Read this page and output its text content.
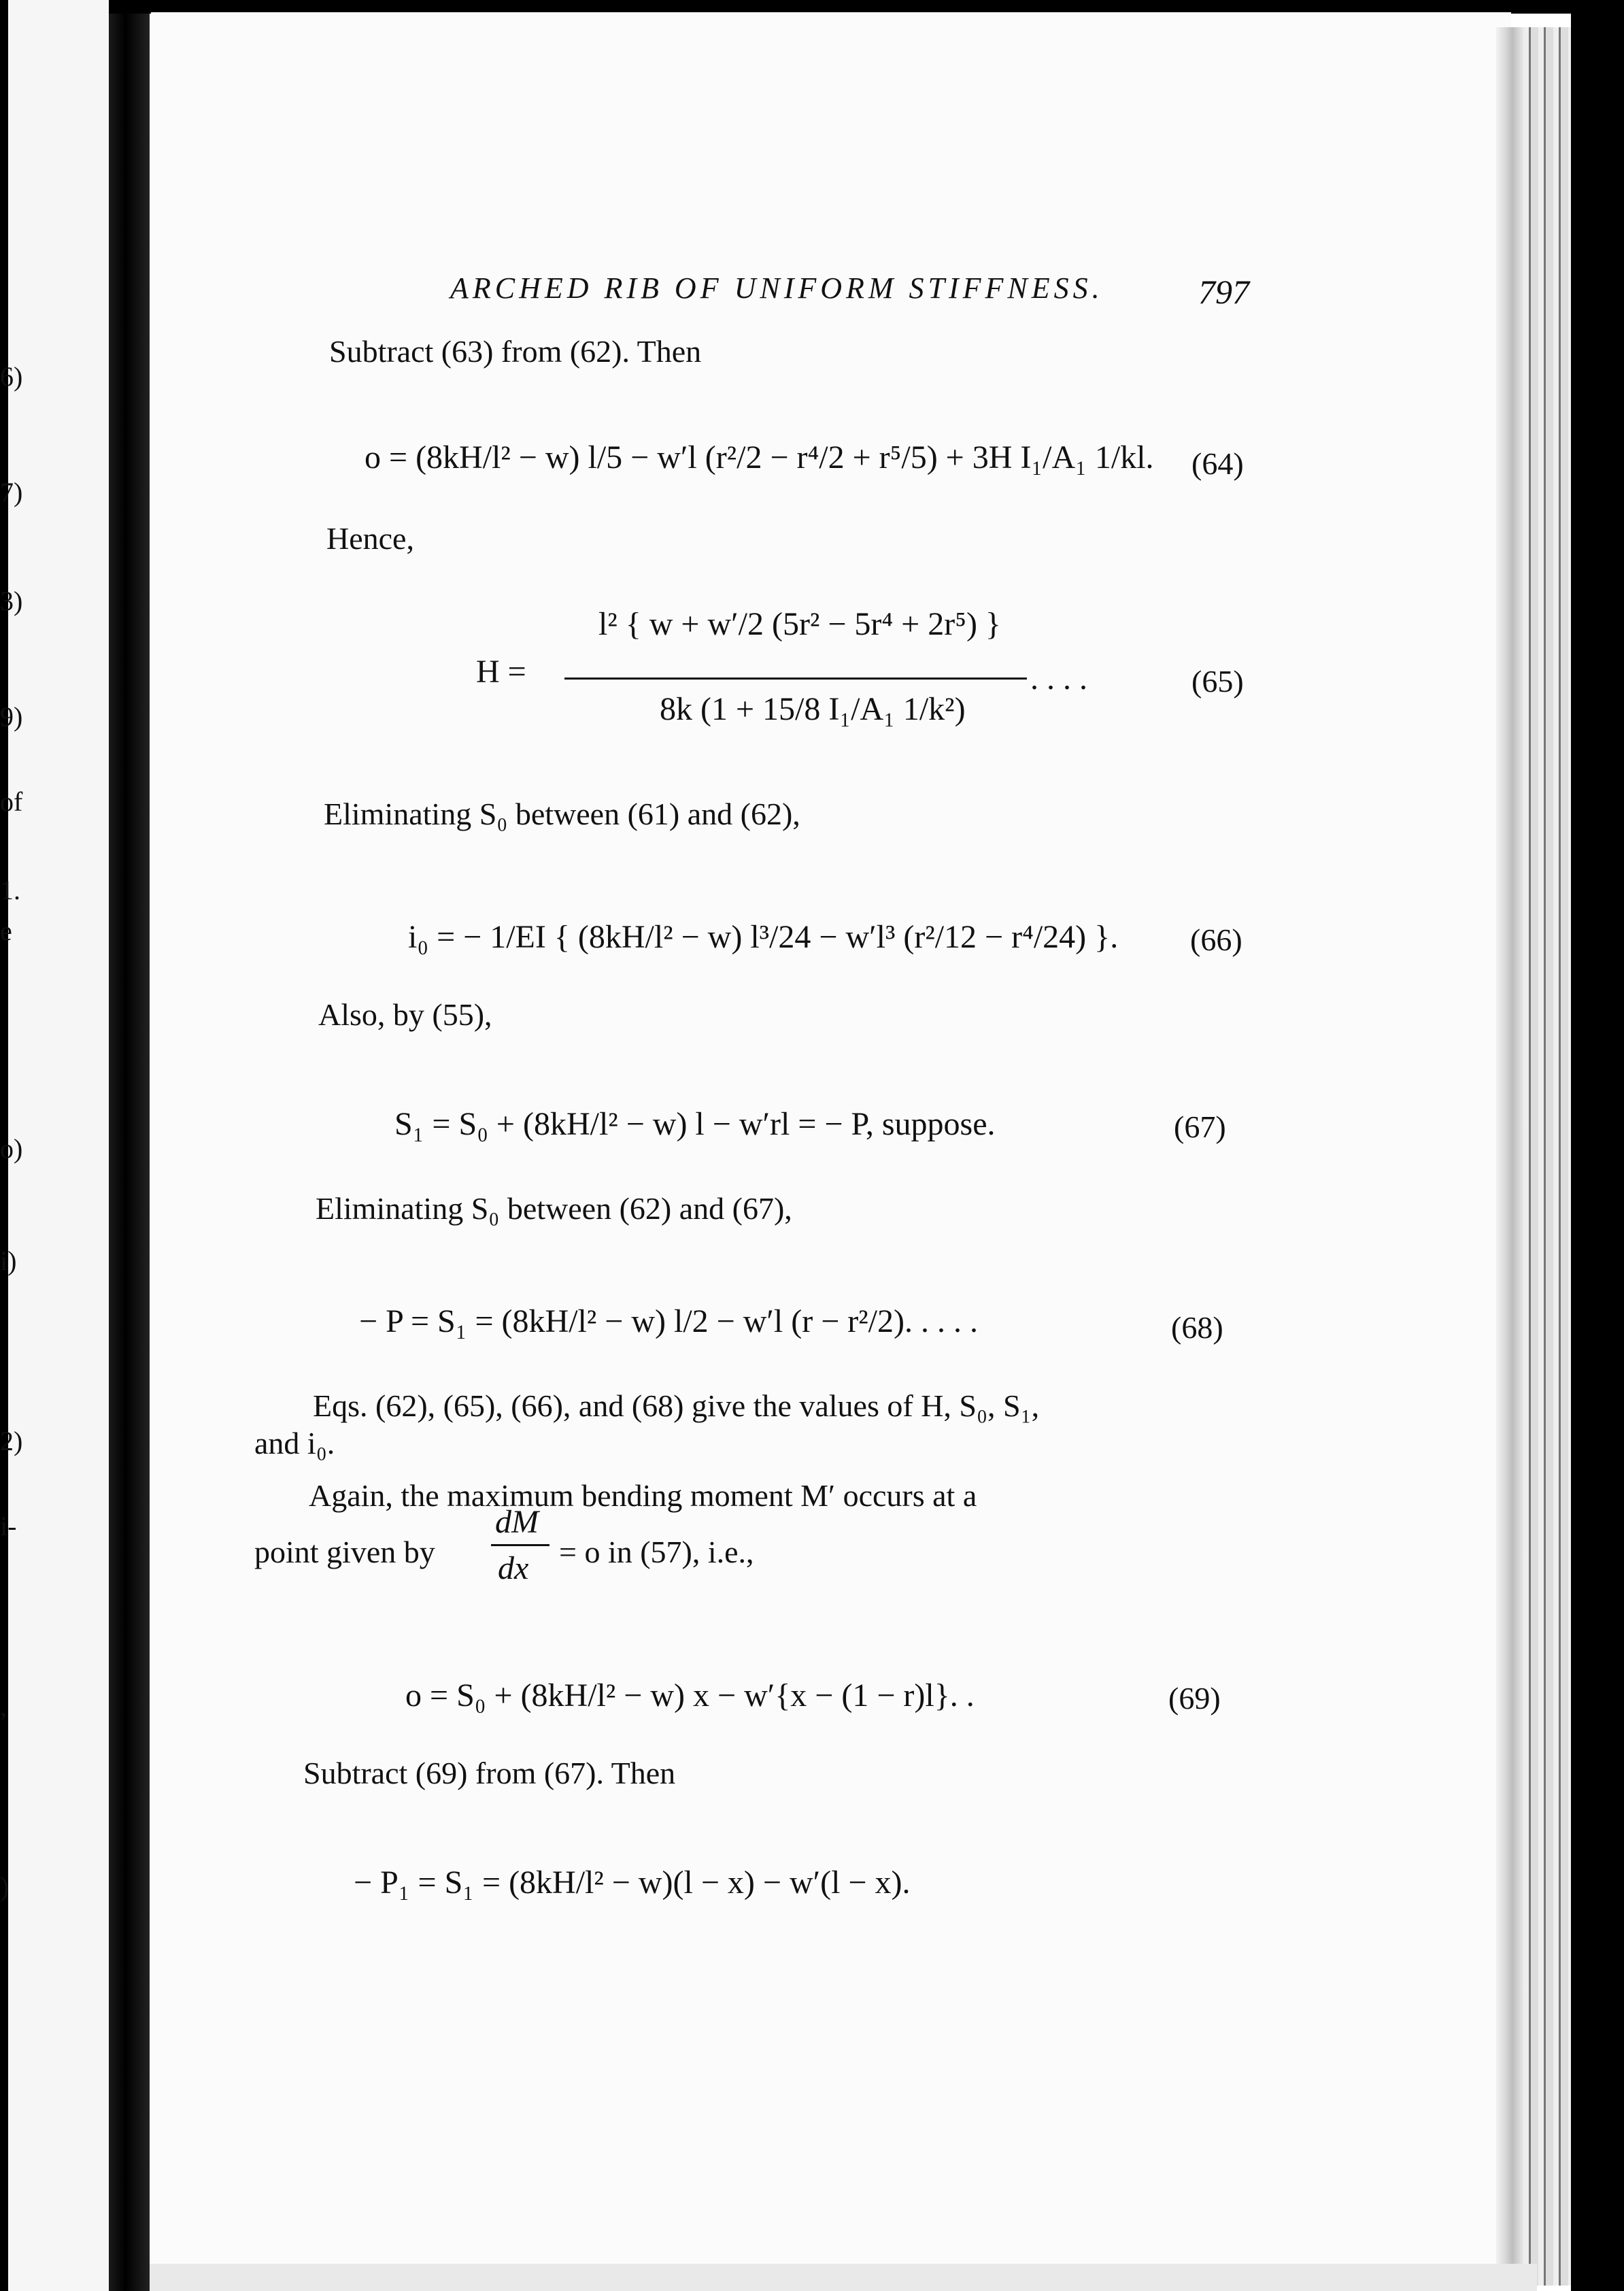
6)
7)
3)
9)
of
1.
e
o)
i)
2)
i-
,
)
ARCHED RIB OF UNIFORM STIFFNESS.	797
Subtract (63) from (62). Then
o = (8kH/l² − w) l/5 − w′l (r²/2 − r⁴/2 + r⁵/5) + 3H I₁/A₁ 1/kl. (64)
Hence,
H =
l² { w + w′/2 (5r² − 5r⁴ + 2r⁵) }
8k (1 + 15/8 I₁/A₁ 1/k²)
. . . .	(65)
Eliminating S₀ between (61) and (62),
i₀ = − 1/EI { (8kH/l² − w) l³/24 − w′l³ (r²/12 − r⁴/24) }. (66)
Also, by (55),
S₁ = S₀ + (8kH/l² − w) l − w′rl = − P, suppose.	(67)
Eliminating S₀ between (62) and (67),
− P = S₁ = (8kH/l² − w) l/2 − w′l (r − r²/2). . . . .	(68)
Eqs. (62), (65), (66), and (68) give the values of H, S₀, S₁,
and i₀.
Again, the maximum bending moment M′ occurs at a
point given by
dM
dx = o in (57), i.e.,
o = S₀ + (8kH/l² − w) x − w′{x − (1 − r)l}. .	(69)
Subtract (69) from (67). Then
− P₁ = S₁ = (8kH/l² − w)(l − x) − w′(l − x).
